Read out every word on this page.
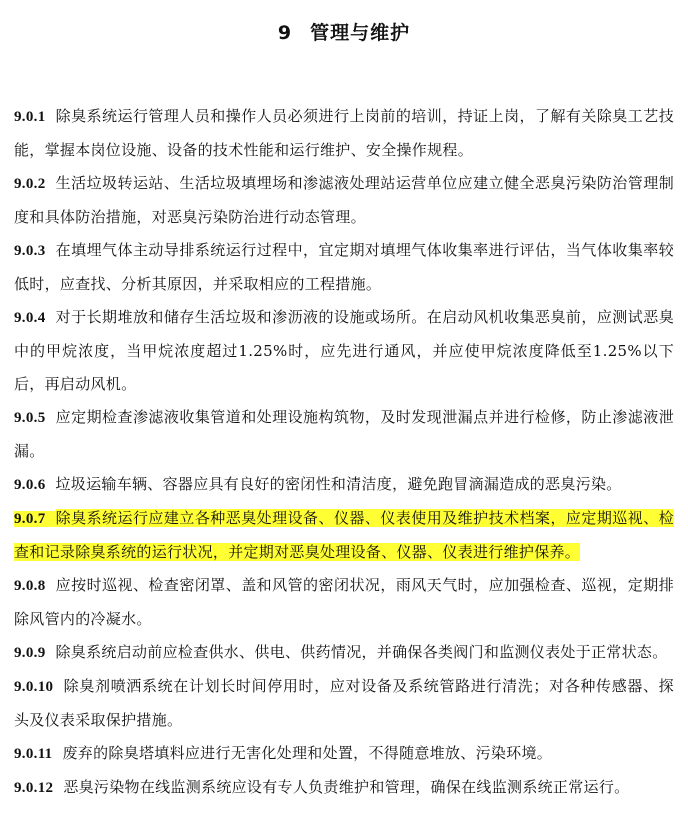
9 管理与维护
9.0.1 除臭系统运行管理人员和操作人员必须进行上岗前的培训，持证上岗，了解有关除臭工艺技能，掌握本岗位设施、设备的技术性能和运行维护、安全操作规程。
9.0.2 生活垃圾转运站、生活垃圾填埋场和渗滤液处理站运营单位应建立健全恶臭污染防治管理制度和具体防治措施，对恶臭污染防治进行动态管理。
9.0.3 在填埋气体主动导排系统运行过程中，宜定期对填埋气体收集率进行评估，当气体收集率较低时，应查找、分析其原因，并采取相应的工程措施。
9.0.4 对于长期堆放和储存生活垃圾和渗沥液的设施或场所。在启动风机收集恶臭前，应测试恶臭中的甲烷浓度，当甲烷浓度超过1.25%时，应先进行通风，并应使甲烷浓度降低至1.25%以下后，再启动风机。
9.0.5 应定期检查渗滤液收集管道和处理设施构筑物，及时发现泄漏点并进行检修，防止渗滤液泄漏。
9.0.6 垃圾运输车辆、容器应具有良好的密闭性和清洁度，避免跑冒滴漏造成的恶臭污染。
9.0.7 除臭系统运行应建立各种恶臭处理设备、仪器、仪表使用及维护技术档案，应定期巡视、检查和记录除臭系统的运行状况，并定期对恶臭处理设备、仪器、仪表进行维护保养。
9.0.8 应按时巡视、检查密闭罩、盖和风管的密闭状况，雨风天气时，应加强检查、巡视，定期排除风管内的冷凝水。
9.0.9 除臭系统启动前应检查供水、供电、供药情况，并确保各类阀门和监测仪表处于正常状态。
9.0.10 除臭剂喷洒系统在计划长时间停用时，应对设备及系统管路进行清洗；对各种传感器、探头及仪表采取保护措施。
9.0.11 废弃的除臭塔填料应进行无害化处理和处置，不得随意堆放、污染环境。
9.0.12 恶臭污染物在线监测系统应设有专人负责维护和管理，确保在线监测系统正常运行。
